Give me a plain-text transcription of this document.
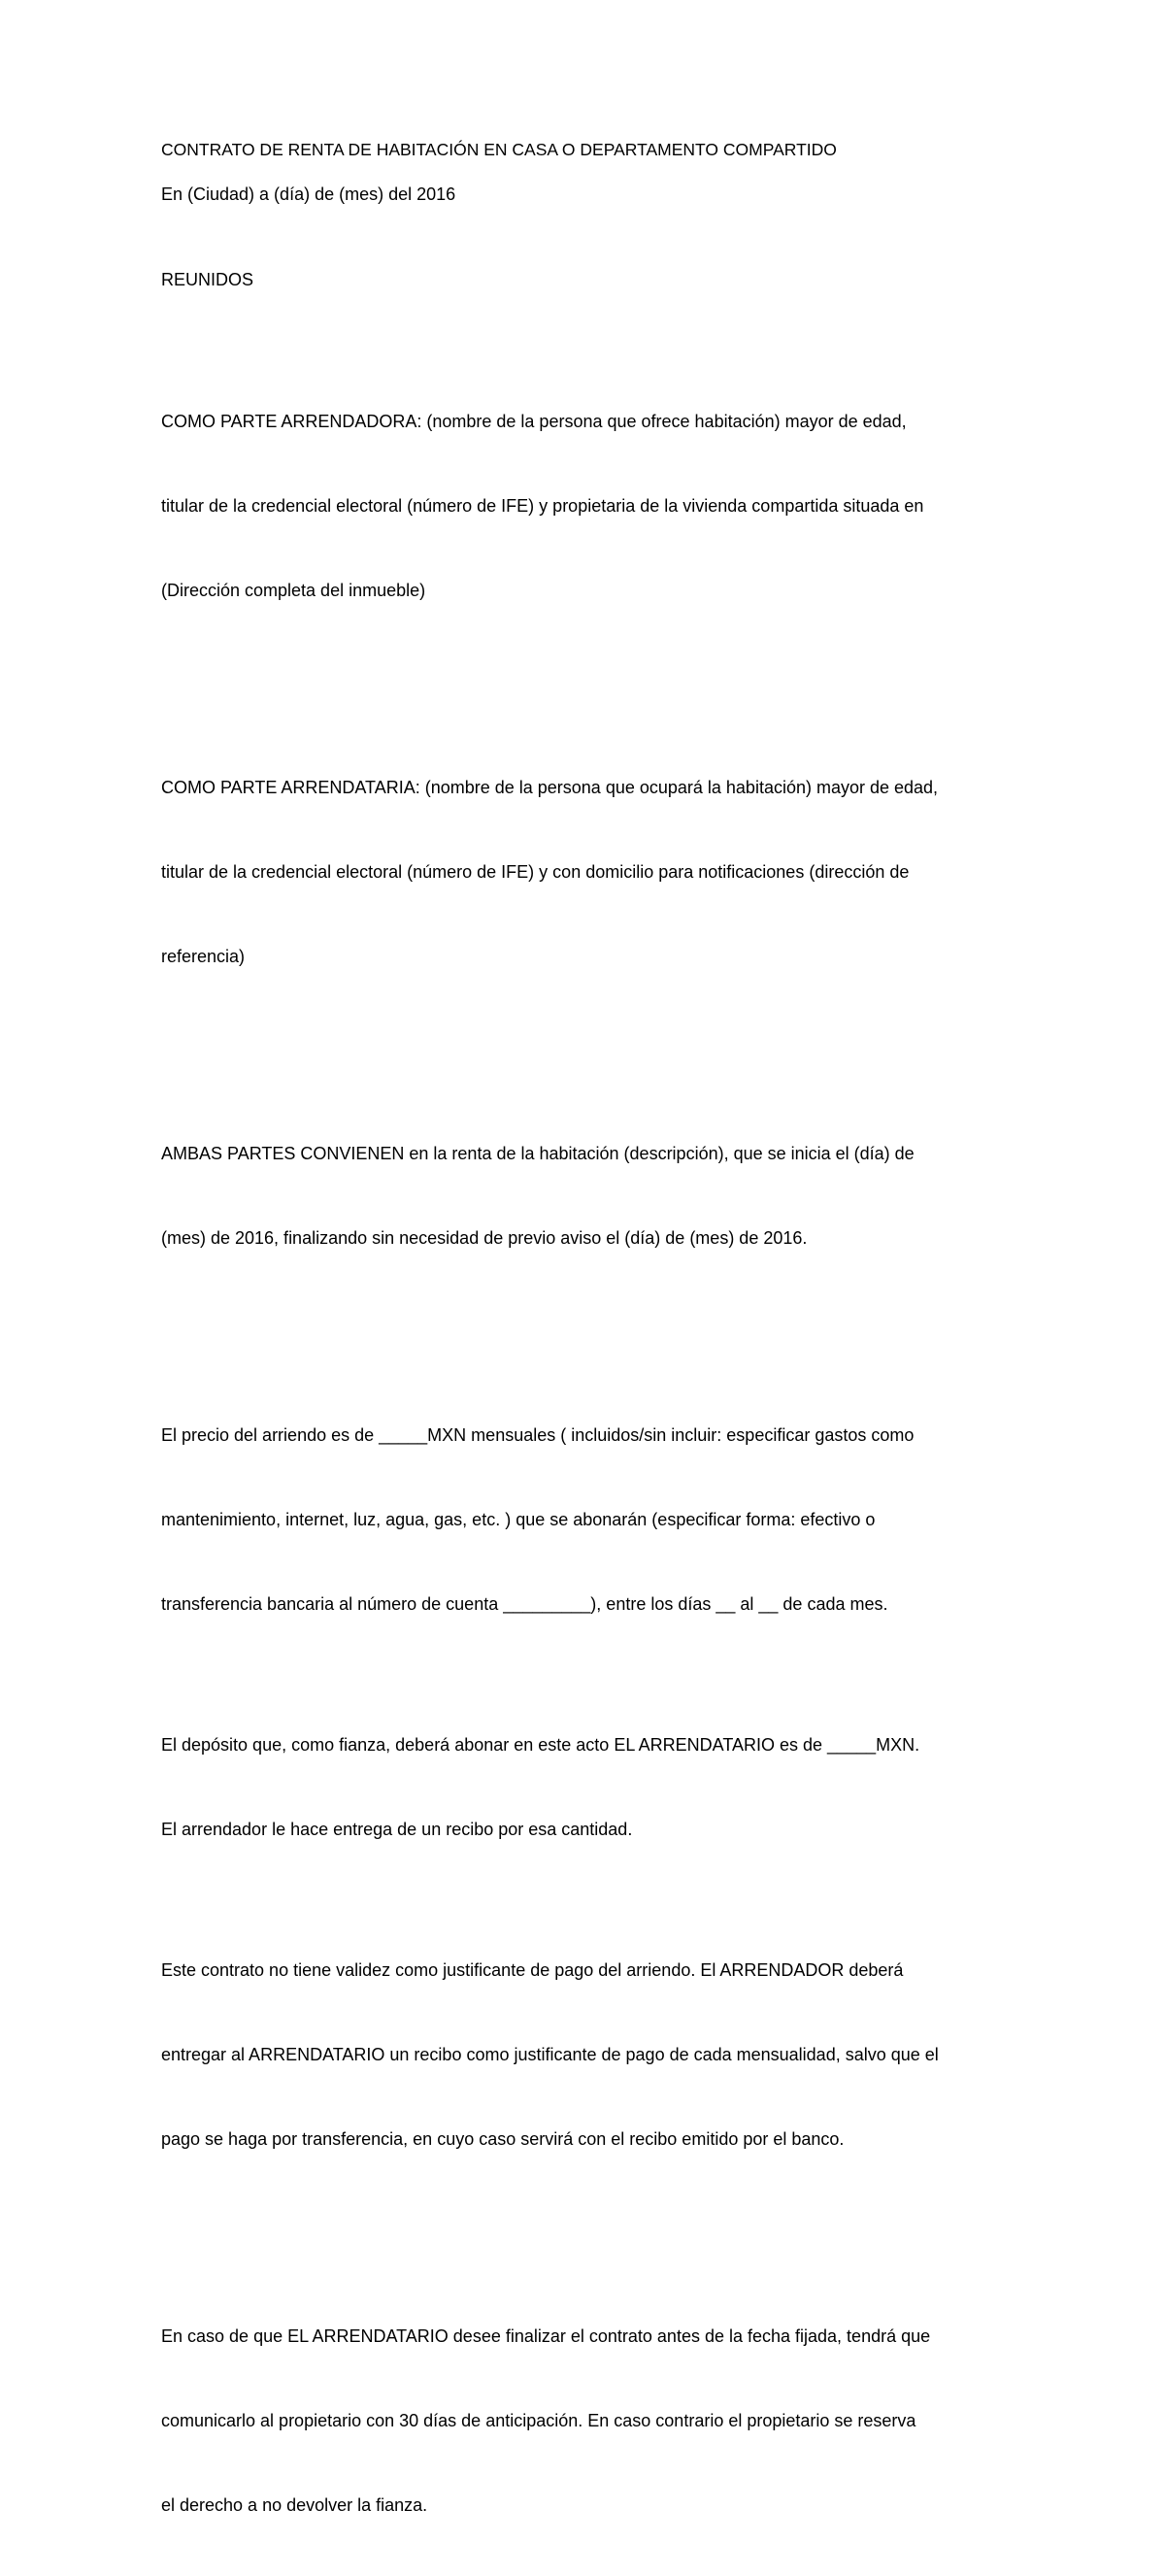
CONTRATO DE RENTA DE HABITACIÓN EN CASA O DEPARTAMENTO COMPARTIDO

En (Ciudad) a (día) de (mes) del 2016

REUNIDOS

COMO PARTE ARRENDADORA: (nombre de la persona que ofrece habitación) mayor de edad,

titular de la credencial electoral (número de IFE) y propietaria de la vivienda compartida situada en

(Dirección completa del inmueble)

COMO PARTE ARRENDATARIA: (nombre de la persona que ocupará la habitación) mayor de edad,

titular de la credencial electoral (número de IFE) y con domicilio para notificaciones (dirección de

referencia)

AMBAS PARTES CONVIENEN en la renta de la habitación (descripción), que se inicia el (día) de

(mes) de 2016, finalizando sin necesidad de previo aviso el (día) de (mes) de 2016.

El precio del arriendo es de _____MXN mensuales ( incluidos/sin incluir: especificar gastos como

mantenimiento, internet, luz, agua, gas, etc. ) que se abonarán (especificar forma: efectivo o

transferencia bancaria al número de cuenta _________), entre los días __ al __ de cada mes.

El depósito que, como fianza, deberá abonar en este acto EL ARRENDATARIO es de _____MXN.

El arrendador le hace entrega de un recibo por esa cantidad.

Este contrato no tiene validez como justificante de pago del arriendo. El ARRENDADOR deberá

entregar al ARRENDATARIO un recibo como justificante de pago de cada mensualidad, salvo que el

pago se haga por transferencia, en cuyo caso servirá con el recibo emitido por el banco.

En caso de que EL ARRENDATARIO desee finalizar el contrato antes de la fecha fijada, tendrá que

comunicarlo al propietario con 30 días de anticipación. En caso contrario el propietario se reserva

el derecho a no devolver la fianza.
